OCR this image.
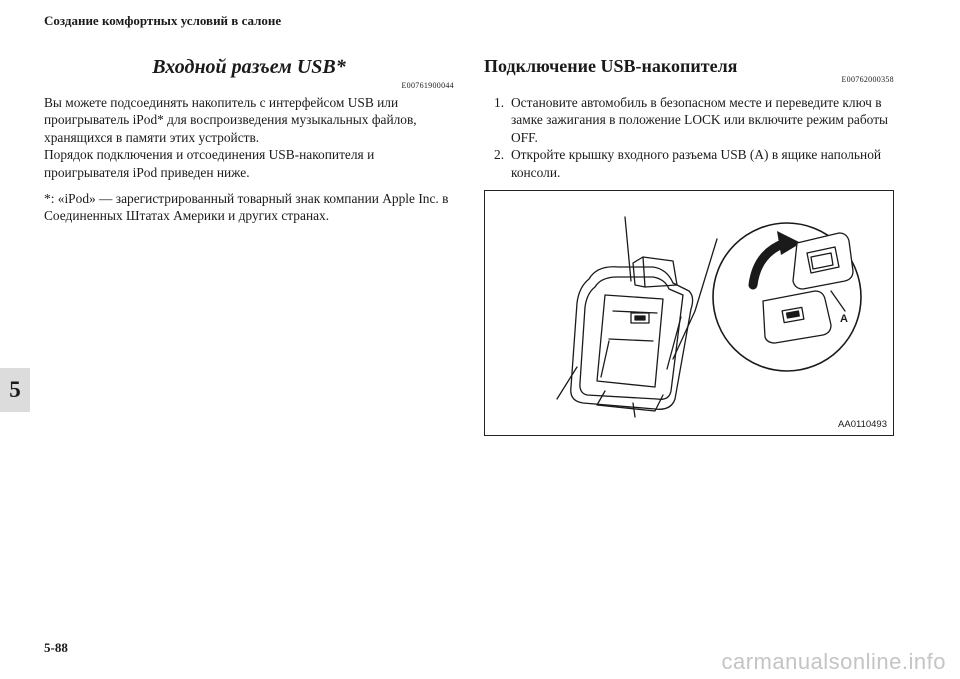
Создание комфортных условий в салоне
5
Входной разъем USB*
E00761900044

Вы можете подсоединять накопитель с интерфейсом USB или проигрыватель iPod* для воспроизведения музыкальных файлов, хранящихся в памяти этих устройств.

Порядок подключения и отсоединения USB-накопителя и проигрывателя iPod приведен ниже.

*: «iPod» — зарегистрированный товарный знак компании Apple Inc. в Соединенных Штатах Америки и других странах.

Подключение USB-накопителя
E00762000358
1. Остановите автомобиль в безопасном месте и переведите ключ в замке зажигания в положение LOCK или включите режим работы OFF.
2. Откройте крышку входного разъема USB (A) в ящике напольной консоли.
A
AA0110493
5-88
carmanualsonline.info
